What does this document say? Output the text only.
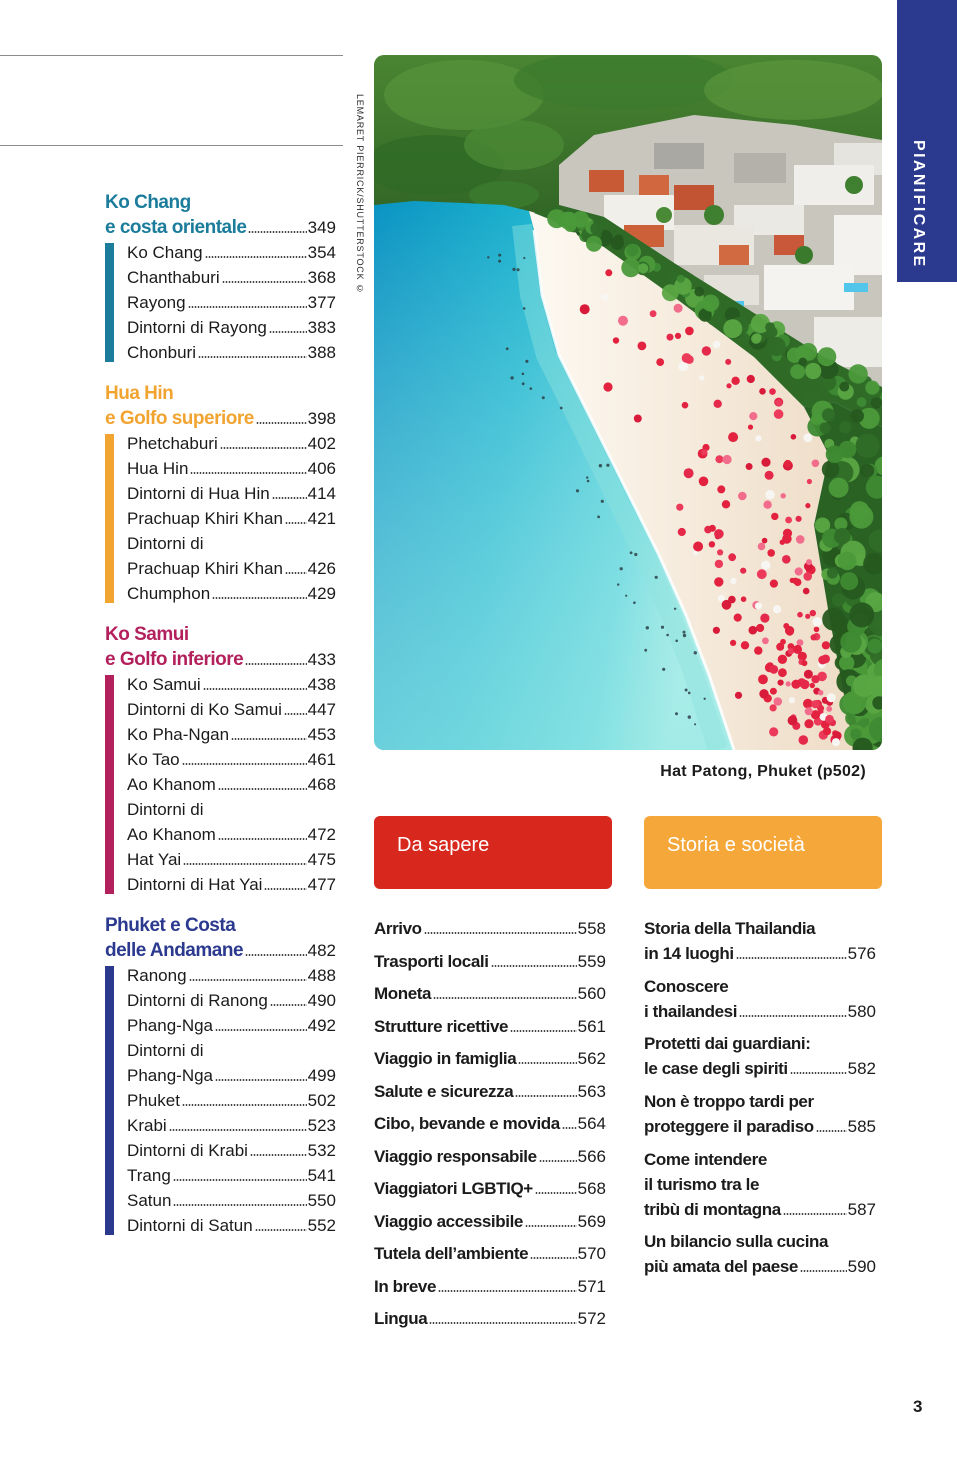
Ko Chang
e costa orientale	349
Ko Chang	354
Chanthaburi	368
Rayong	377
Dintorni di Rayong 383
Chonburi	388
Hua Hin
e Golfo superiore	398
Phetchaburi	402
Hua Hin	406
Dintorni di Hua Hin 414
Prachuap Khiri Khan 421
Dintorni di
Prachuap Khiri Khan 426
Chumphon	429
Ko Samui
e Golfo inferiore	433
Ko Samui	438
Dintorni di Ko Samui 447
Ko Pha-Ngan	453
Ko Tao	461
Ao Khanom	468
Dintorni di
Ao Khanom	472
Hat Yai	475
Dintorni di Hat Yai	477
Phuket e Costa
delle Andamane	482
Ranong	488
Dintorni di Ranong 490
Phang-Nga	492
Dintorni di
Phang-Nga	499
Phuket	502
Krabi	523
Dintorni di Krabi	532
Trang	541
Satun	550
Dintorni di Satun	552
LEMARET PIERRICK/SHUTTERSTOCK ©
Hat Patong, Phuket (p502)
PIANIFICARE
Da sapere	Storia e società
Arrivo	558
Trasporti locali	559
Moneta	560
Strutture ricettive	561
Viaggio in famiglia	562
Salute e sicurezza	563
Cibo, bevande e movida 564
Viaggio responsabile 566
Viaggiatori LGBTIQ+	568
Viaggio accessibile	569
Tutela dell’ambiente	570
In breve	571
Lingua	572
Storia della Thailandia
in 14 luoghi	576
Conoscere
i thailandesi	580
Protetti dai guardiani:
le case degli spiriti	582
Non è troppo tardi per
proteggere il paradiso 585
Come intendere
il turismo tra le
tribù di montagna	587
Un bilancio sulla cucina
più amata del paese	590
3
